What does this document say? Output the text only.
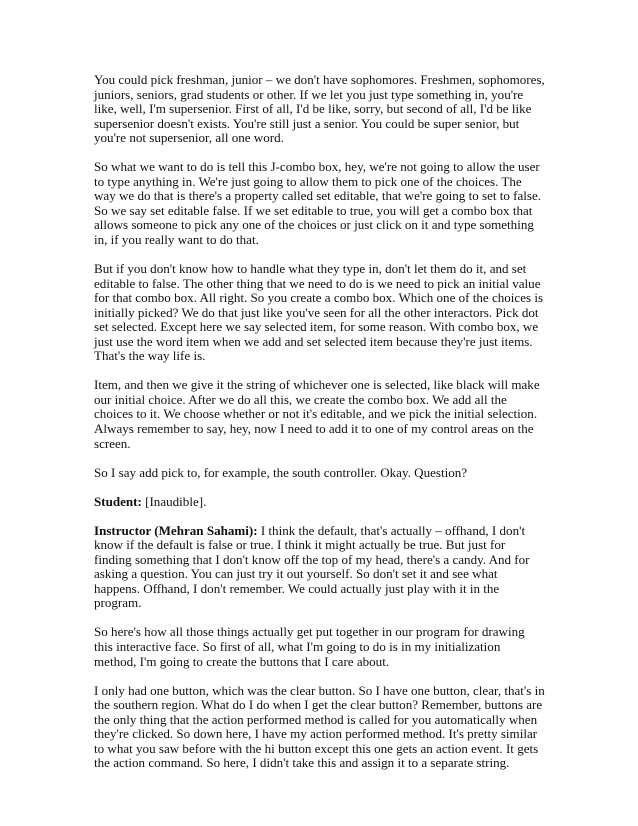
You could pick freshman, junior – we don't have sophomores. Freshmen, sophomores, juniors, seniors, grad students or other. If we let you just type something in, you're like, well, I'm supersenior. First of all, I'd be like, sorry, but second of all, I'd be like supersenior doesn't exists. You're still just a senior. You could be super senior, but you're not supersenior, all one word.

So what we want to do is tell this J-combo box, hey, we're not going to allow the user to type anything in. We're just going to allow them to pick one of the choices. The way we do that is there's a property called set editable, that we're going to set to false. So we say set editable false. If we set editable to true, you will get a combo box that allows someone to pick any one of the choices or just click on it and type something in, if you really want to do that.

But if you don't know how to handle what they type in, don't let them do it, and set editable to false. The other thing that we need to do is we need to pick an initial value for that combo box. All right. So you create a combo box. Which one of the choices is initially picked? We do that just like you've seen for all the other interactors. Pick dot set selected. Except here we say selected item, for some reason. With combo box, we just use the word item when we add and set selected item because they're just items. That's the way life is.

Item, and then we give it the string of whichever one is selected, like black will make our initial choice. After we do all this, we create the combo box. We add all the choices to it. We choose whether or not it's editable, and we pick the initial selection. Always remember to say, hey, now I need to add it to one of my control areas on the screen.

So I say add pick to, for example, the south controller. Okay. Question?

Student: [Inaudible].

Instructor (Mehran Sahami): I think the default, that's actually – offhand, I don't know if the default is false or true. I think it might actually be true. But just for finding something that I don't know off the top of my head, there's a candy. And for asking a question. You can just try it out yourself. So don't set it and see what happens. Offhand, I don't remember. We could actually just play with it in the program.

So here's how all those things actually get put together in our program for drawing this interactive face. So first of all, what I'm going to do is in my initialization method, I'm going to create the buttons that I care about.

I only had one button, which was the clear button. So I have one button, clear, that's in the southern region. What do I do when I get the clear button? Remember, buttons are the only thing that the action performed method is called for you automatically when they're clicked. So down here, I have my action performed method. It's pretty similar to what you saw before with the hi button except this one gets an action event. It gets the action command. So here, I didn't take this and assign it to a separate string.
